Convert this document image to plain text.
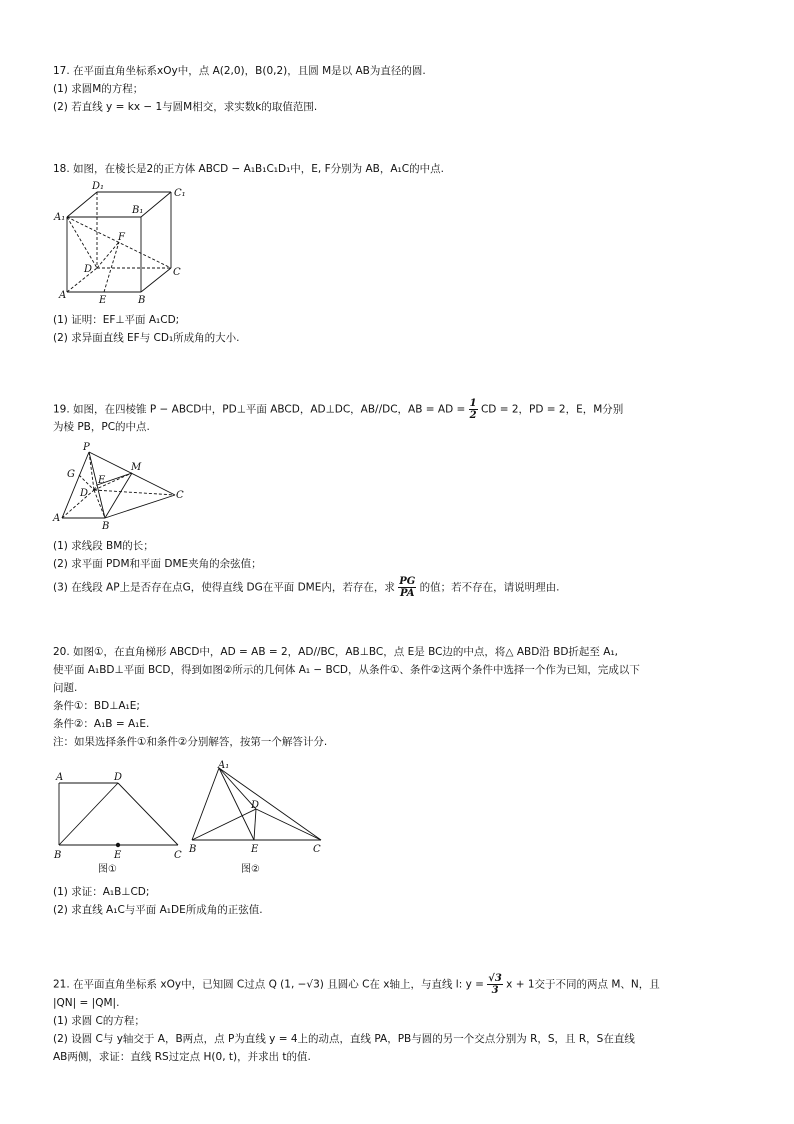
17. 在平面直角坐标系xOy中，点 A(2,0)，B(0,2)，且圆 M是以 AB为直径的圆.
(1) 求圆M的方程；
(2) 若直线 y = kx − 1与圆M相交，求实数k的取值范围.
18. 如图，在棱长是2的正方体 ABCD − A₁B₁C₁D₁中，E, F分别为 AB，A₁C的中点.
D₁
C₁
B₁
A₁
F
D	C
A	E	B
(1) 证明：EF⊥平面 A₁CD;
(2) 求异面直线 EF与 CD₁所成角的大小.
19. 如图，在四棱锥 P − ABCD中，PD⊥平面 ABCD，AD⊥DC，AB//DC，AB = AD = $\frac{1}{2}$ CD = 2，PD = 2，E，M分别
为棱 PB，PC的中点.
P
M
G
E
D	C
A
B
(1) 求线段 BM的长；
(2) 求平面 PDM和平面 DME夹角的余弦值；
(3) 在线段 AP上是否存在点G，使得直线 DG在平面 DME内，若存在，求 $\frac{PG}{PA}$ 的值；若不存在，请说明理由.
20. 如图①，在直角梯形 ABCD中，AD = AB = 2，AD//BC，AB⊥BC，点 E是 BC边的中点，将△ ABD沿 BD折起至 A₁,
使平面 A₁BD⊥平面 BCD，得到如图②所示的几何体 A₁ − BCD，从条件①、条件②这两个条件中选择一个作为已知，完成以下
问题.
条件①：BD⊥A₁E;
条件②：A₁B = A₁E.
注：如果选择条件①和条件②分别解答，按第一个解答计分.
A	D
B	E	C
图①
A₁
D
B	E	C
图②
(1) 求证：A₁B⊥CD;
(2) 求直线 A₁C与平面 A₁DE所成角的正弦值.
21. 在平面直角坐标系 xOy中，已知圆 C过点 Q (1, −√3) 且圆心 C在 x轴上，与直线 l: $y = \frac{√3}{3}$ x + 1交于不同的两点 M、N，且
|QN| = |QM|.
(1) 求圆 C的方程；
(2) 设圆 C与 y轴交于 A，B两点，点 P为直线 y = 4上的动点，直线 PA，PB与圆的另一个交点分别为 R，S，且 R，S在直线
AB两侧，求证：直线 RS过定点 H(0, t)，并求出 t的值.
